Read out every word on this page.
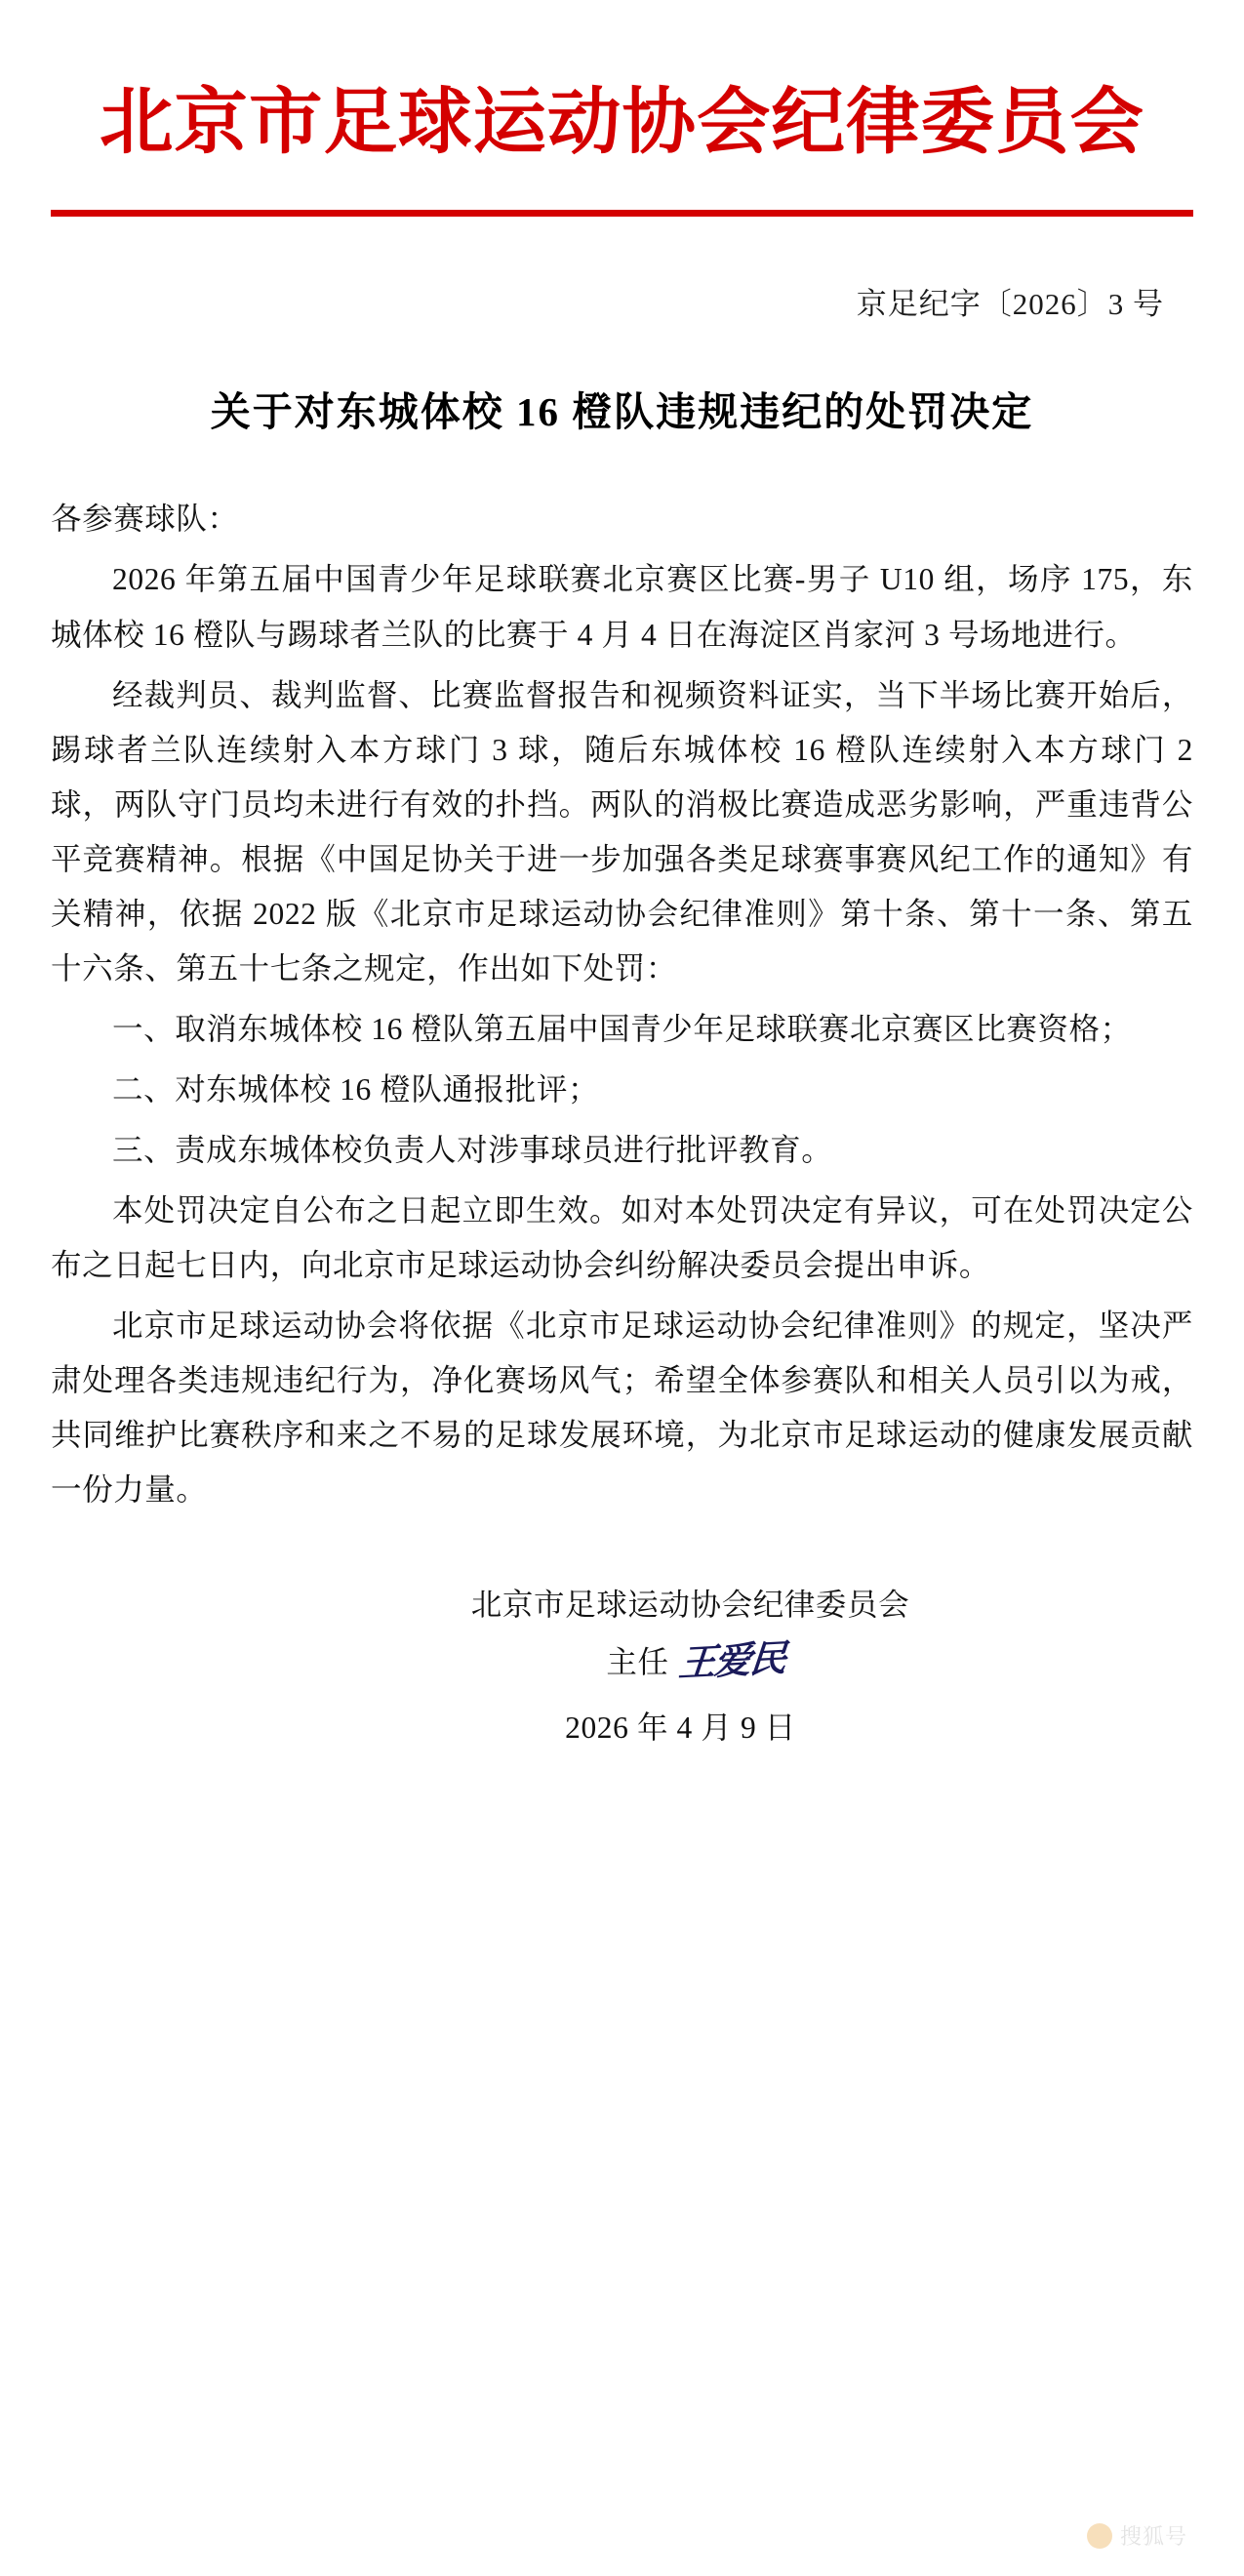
北京市足球运动协会纪律委员会
京足纪字〔2026〕3 号
关于对东城体校 16 橙队违规违纪的处罚决定

各参赛球队：

2026 年第五届中国青少年足球联赛北京赛区比赛-男子 U10 组，场序 175，东城体校 16 橙队与踢球者兰队的比赛于 4 月 4 日在海淀区肖家河 3 号场地进行。

经裁判员、裁判监督、比赛监督报告和视频资料证实，当下半场比赛开始后，踢球者兰队连续射入本方球门 3 球，随后东城体校 16 橙队连续射入本方球门 2 球，两队守门员均未进行有效的扑挡。两队的消极比赛造成恶劣影响，严重违背公平竞赛精神。根据《中国足协关于进一步加强各类足球赛事赛风纪工作的通知》有关精神，依据 2022 版《北京市足球运动协会纪律准则》第十条、第十一条、第五十六条、第五十七条之规定，作出如下处罚：

一、取消东城体校 16 橙队第五届中国青少年足球联赛北京赛区比赛资格；

二、对东城体校 16 橙队通报批评；

三、责成东城体校负责人对涉事球员进行批评教育。

本处罚决定自公布之日起立即生效。如对本处罚决定有异议，可在处罚决定公布之日起七日内，向北京市足球运动协会纠纷解决委员会提出申诉。

北京市足球运动协会将依据《北京市足球运动协会纪律准则》的规定，坚决严肃处理各类违规违纪行为，净化赛场风气；希望全体参赛队和相关人员引以为戒，共同维护比赛秩序和来之不易的足球发展环境，为北京市足球运动的健康发展贡献一份力量。

北京市足球运动协会纪律委员会
主任 王爱民
2026 年 4 月 9 日
搜狐号
